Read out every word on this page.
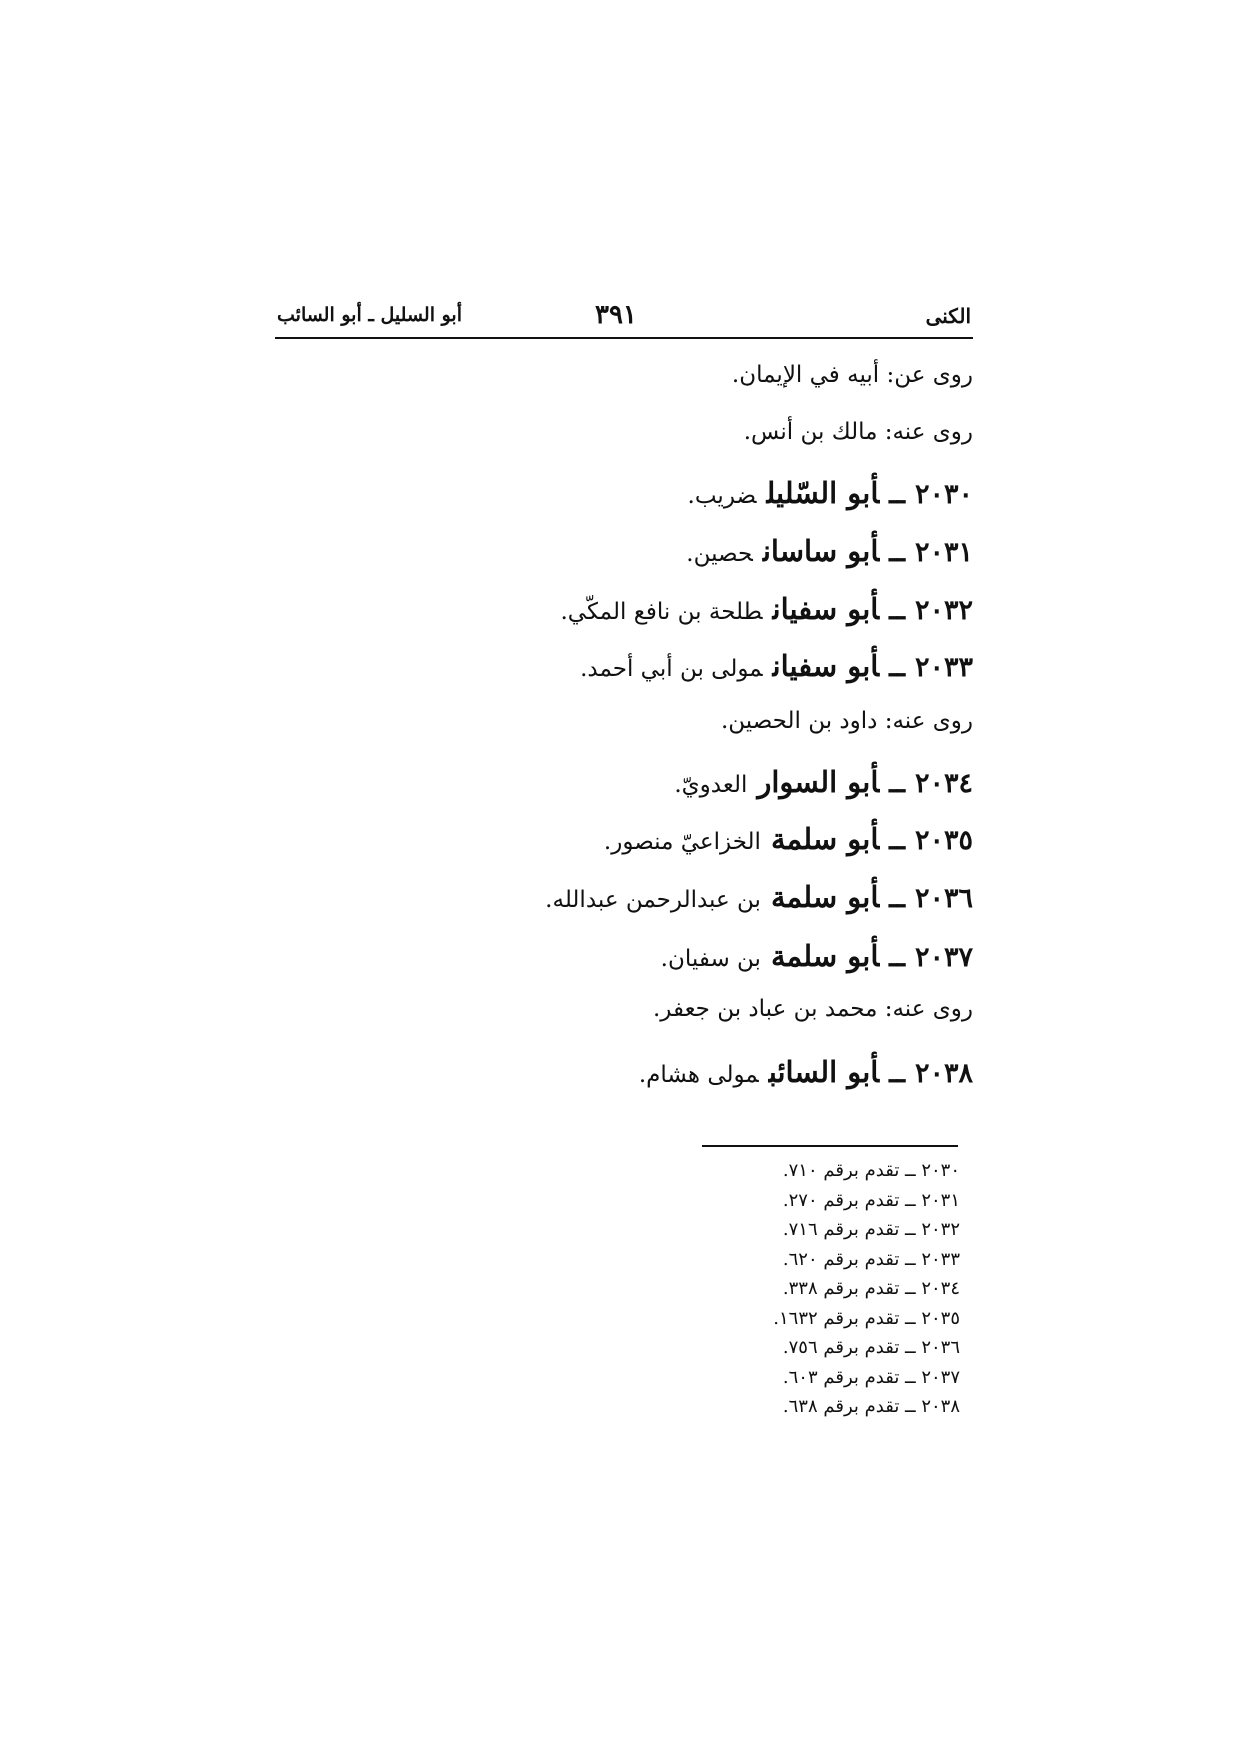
الكنى
٣٩١
أبو السليل ـ أبو السائب
روى عن: أبيه في الإيمان.
روى عنه: مالك بن أنس.
٢٠٣٠ــأبو السّليلضريب.
٢٠٣١ــأبو ساسانحصين.
٢٠٣٢ــأبو سفيانطلحة بن نافع المكّي.
٢٠٣٣ــأبو سفيانمولى بن أبي أحمد.
روى عنه: داود بن الحصين.
٢٠٣٤ــأبو السوارالعدويّ.
٢٠٣٥ــأبو سلمةالخزاعيّ منصور.
٢٠٣٦ــأبو سلمةبن عبدالرحمن عبدالله.
٢٠٣٧ــأبو سلمةبن سفيان.
روى عنه: محمد بن عباد بن جعفر.
٢٠٣٨ــأبو السائبمولى هشام.
٢٠٣٠ ــ تقدم برقم ٧١٠.
٢٠٣١ ــ تقدم برقم ٢٧٠.
٢٠٣٢ ــ تقدم برقم ٧١٦.
٢٠٣٣ ــ تقدم برقم ٦٢٠.
٢٠٣٤ ــ تقدم برقم ٣٣٨.
٢٠٣٥ ــ تقدم برقم ١٦٣٢.
٢٠٣٦ ــ تقدم برقم ٧٥٦.
٢٠٣٧ ــ تقدم برقم ٦٠٣.
٢٠٣٨ ــ تقدم برقم ٦٣٨.
